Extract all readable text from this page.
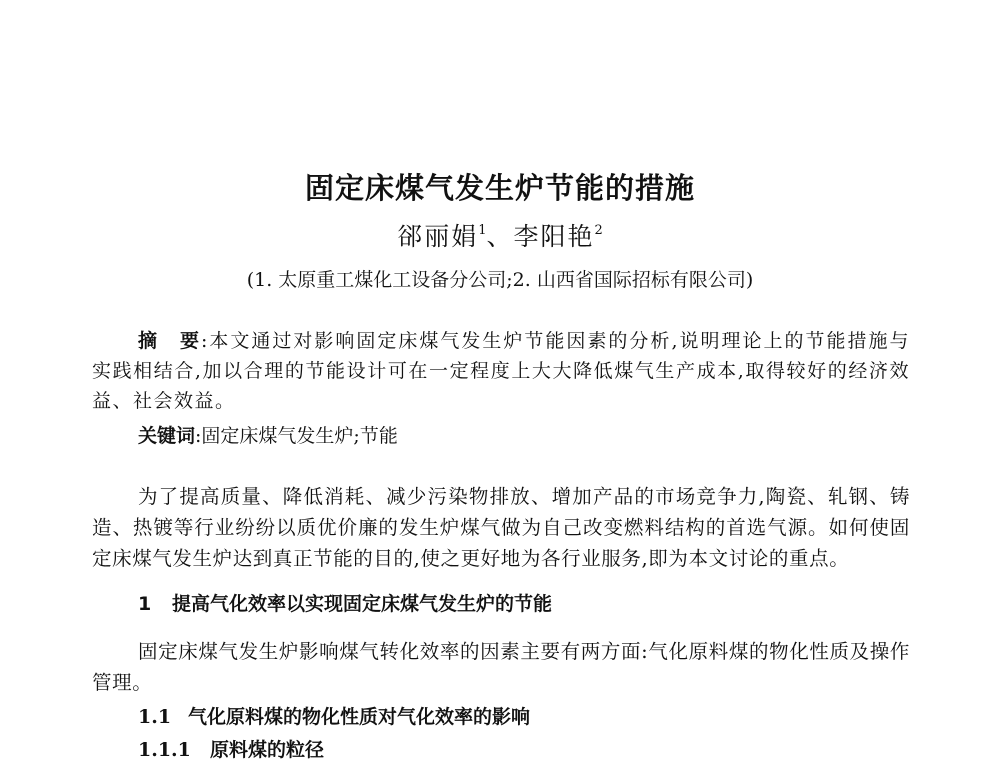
固定床煤气发生炉节能的措施
郤丽娟$^1$、李阳艳$^2$
(1. 太原重工煤化工设备分公司;2. 山西省国际招标有限公司)

摘　要:本文通过对影响固定床煤气发生炉节能因素的分析,说明理论上的节能措施与实践相结合,加以合理的节能设计可在一定程度上大大降低煤气生产成本,取得较好的经济效益、社会效益。

关键词:固定床煤气发生炉;节能

为了提高质量、降低消耗、减少污染物排放、增加产品的市场竞争力,陶瓷、轧钢、铸造、热镀等行业纷纷以质优价廉的发生炉煤气做为自己改变燃料结构的首选气源。如何使固定床煤气发生炉达到真正节能的目的,使之更好地为各行业服务,即为本文讨论的重点。

1 提高气化效率以实现固定床煤气发生炉的节能

固定床煤气发生炉影响煤气转化效率的因素主要有两方面:气化原料煤的物化性质及操作管理。

1.1 气化原料煤的物化性质对气化效率的影响
1.1.1 原料煤的粒径
